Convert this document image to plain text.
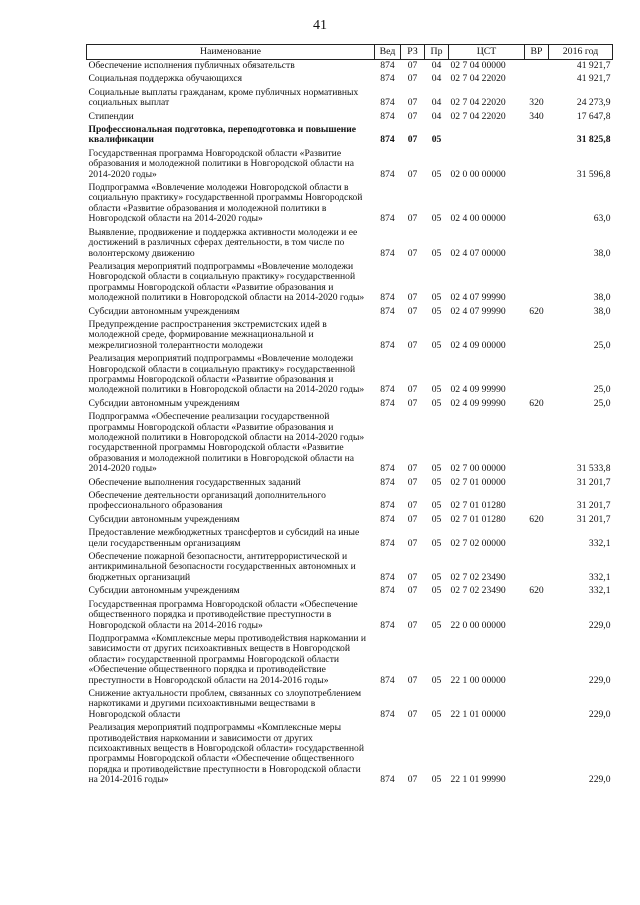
41
Наименование	Вед	РЗ	Пр	ЦСТ	ВР	2016 год
Обеспечение исполнения публичных обязательств	874	07	04	02 7 04 00000		41 921,7
Социальная поддержка обучающихся	874	07	04	02 7 04 22020		41 921,7
Социальные выплаты гражданам, кроме публичных нормативных социальных выплат	874	07	04	02 7 04 22020	320	24 273,9
Стипендии	874	07	04	02 7 04 22020	340	17 647,8
Профессиональная подготовка, переподготовка и повышение квалификации	874	07	05			31 825,8
Государственная программа Новгородской области «Развитие образования и молодежной политики в Новгородской области на 2014-2020 годы»	874	07	05	02 0 00 00000		31 596,8
Подпрограмма «Вовлечение молодежи Новгородской области в социальную практику» государственной программы Новгородской области «Развитие образования и молодежной политики в Новгородской области на 2014-2020 годы»	874	07	05	02 4 00 00000		63,0
Выявление, продвижение и поддержка активности молодежи и ее достижений в различных сферах деятельности, в том числе по волонтерскому движению	874	07	05	02 4 07 00000		38,0
Реализация мероприятий подпрограммы «Вовлечение молодежи Новгородской области в социальную практику» государственной программы Новгородской области «Развитие образования и молодежной политики в Новгородской области на 2014-2020 годы»	874	07	05	02 4 07 99990		38,0
Субсидии автономным учреждениям	874	07	05	02 4 07 99990	620	38,0
Предупреждение распространения экстремистских идей в молодежной среде, формирование межнациональной и межрелигиозной толерантности молодежи	874	07	05	02 4 09 00000		25,0
Реализация мероприятий подпрограммы «Вовлечение молодежи Новгородской области в социальную практику» государственной программы Новгородской области «Развитие образования и молодежной политики в Новгородской области на 2014-2020 годы»	874	07	05	02 4 09 99990		25,0
Субсидии автономным учреждениям	874	07	05	02 4 09 99990	620	25,0
Подпрограмма «Обеспечение реализации государственной программы Новгородской области «Развитие образования и молодежной политики в Новгородской области на 2014-2020 годы» государственной программы Новгородской области «Развитие образования и молодежной политики в Новгородской области на 2014-2020 годы»	874	07	05	02 7 00 00000		31 533,8
Обеспечение выполнения государственных заданий	874	07	05	02 7 01 00000		31 201,7
Обеспечение деятельности организаций дополнительного профессионального образования	874	07	05	02 7 01 01280		31 201,7
Субсидии автономным учреждениям	874	07	05	02 7 01 01280	620	31 201,7
Предоставление межбюджетных трансфертов и субсидий на иные цели государственным организациям	874	07	05	02 7 02 00000		332,1
Обеспечение пожарной безопасности, антитеррористической и антикриминальной безопасности государственных автономных и бюджетных организаций	874	07	05	02 7 02 23490		332,1
Субсидии автономным учреждениям	874	07	05	02 7 02 23490	620	332,1
Государственная программа Новгородской области «Обеспечение общественного порядка и противодействие преступности в Новгородской области на 2014-2016 годы»	874	07	05	22 0 00 00000		229,0
Подпрограмма «Комплексные меры противодействия наркомании и зависимости от других психоактивных веществ в Новгородской области» государственной программы Новгородской области «Обеспечение общественного порядка и противодействие преступности в Новгородской области на 2014-2016 годы»	874	07	05	22 1 00 00000		229,0
Снижение актуальности проблем, связанных со злоупотреблением наркотиками и другими психоактивными веществами в Новгородской области	874	07	05	22 1 01 00000		229,0
Реализация мероприятий подпрограммы «Комплексные меры противодействия наркомании и зависимости от других психоактивных веществ в Новгородской области» государственной программы Новгородской области «Обеспечение общественного порядка и противодействие преступности в Новгородской области на 2014-2016 годы»	874	07	05	22 1 01 99990		229,0
